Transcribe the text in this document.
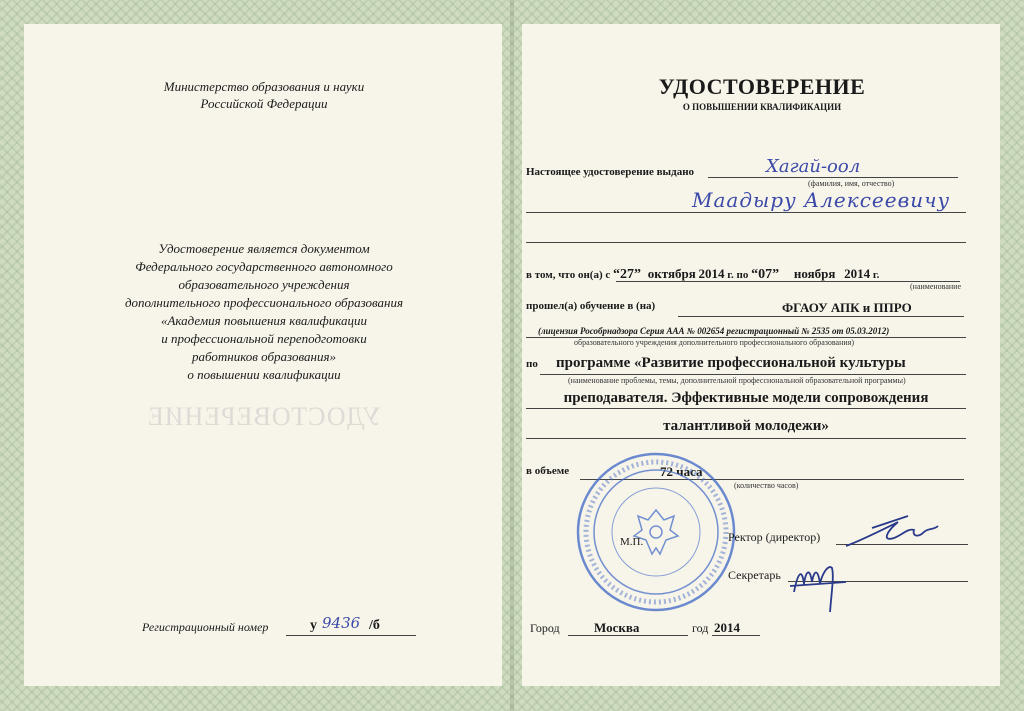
Министерство образования и науки
Российской Федерации
Удостоверение является документом
Федерального государственного автономного
образовательного учреждения
дополнительного профессионального образования
«Академия повышения квалификации
и профессиональной переподготовки
работников образования»
о повышении квалификации
УДОСТОВЕРЕНИЕ
Регистрационный номер	у 9436 /б
УДОСТОВЕРЕНИЕ
О ПОВЫШЕНИИ КВАЛИФИКАЦИИ
Настоящее удостоверение выдано	Хагай-оол
(фамилия, имя, отчество)
Маадыру Алексеевичу
в том, что он(а) с “27” октября 2014 г. по “07” ноября 2014 г.
(наименование
прошел(а) обучение в (на)	ФГАОУ АПК и ППРО
(лицензия Рособрнадзора Серия ААА № 002654 регистрационный № 2535 от 05.03.2012)
образовательного учреждения дополнительного профессионального образования)
по программе «Развитие профессиональной культуры
(наименование проблемы, темы, дополнительной профессиональной образовательной программы)
преподавателя. Эффективные модели сопровождения
талантливой молодежи»
в объеме	72 часа
(количество часов)
М.П.	Ректор (директор)
Секретарь
Город	Москва	год 2014
